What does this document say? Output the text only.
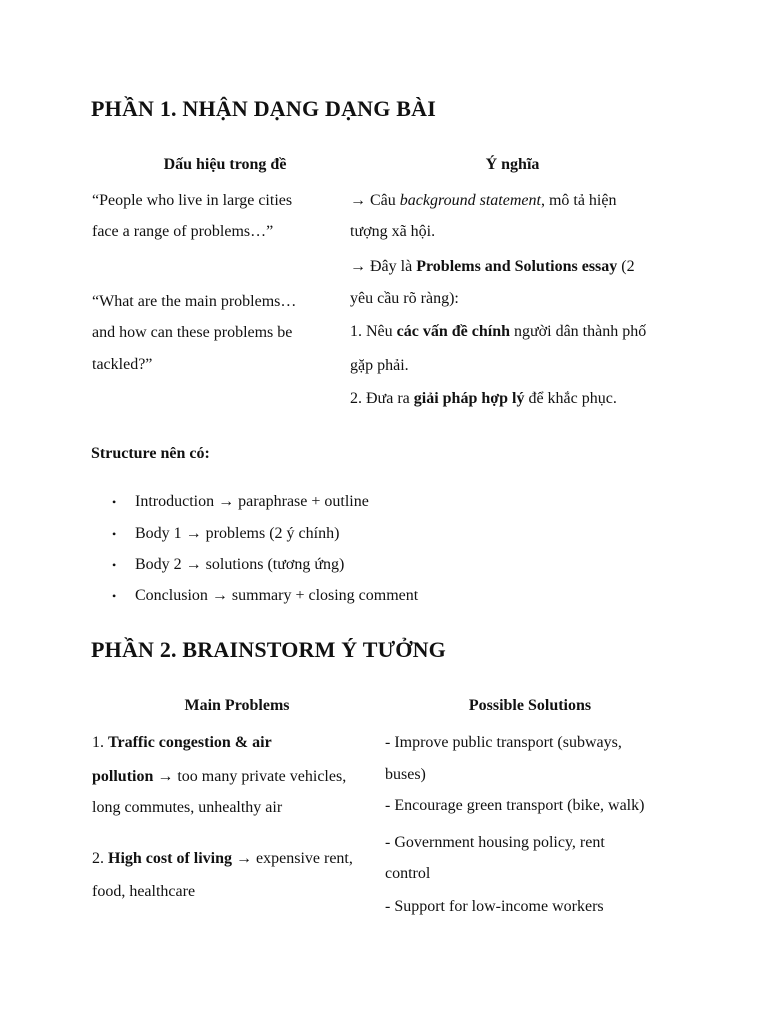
PHẦN 1. NHẬN DẠNG DẠNG BÀI
Dấu hiệu trong đề	Ý nghĩa
“People who live in large cities
face a range of problems…”
→ Câu background statement, mô tả hiện
tượng xã hội.
“What are the main problems…
and how can these problems be
tackled?”
→ Đây là Problems and Solutions essay (2
yêu cầu rõ ràng):
1. Nêu các vấn đề chính người dân thành phố
gặp phải.
2. Đưa ra giải pháp hợp lý để khắc phục.
Structure nên có:
• Introduction → paraphrase + outline
• Body 1 → problems (2 ý chính)
• Body 2 → solutions (tương ứng)
• Conclusion → summary + closing comment
PHẦN 2. BRAINSTORM Ý TƯỞNG
Main Problems	Possible Solutions
1. Traffic congestion & air
pollution → too many private vehicles,
long commutes, unhealthy air
2. High cost of living → expensive rent,
food, healthcare
- Improve public transport (subways,
buses)
- Encourage green transport (bike, walk)
- Government housing policy, rent
control
- Support for low-income workers
